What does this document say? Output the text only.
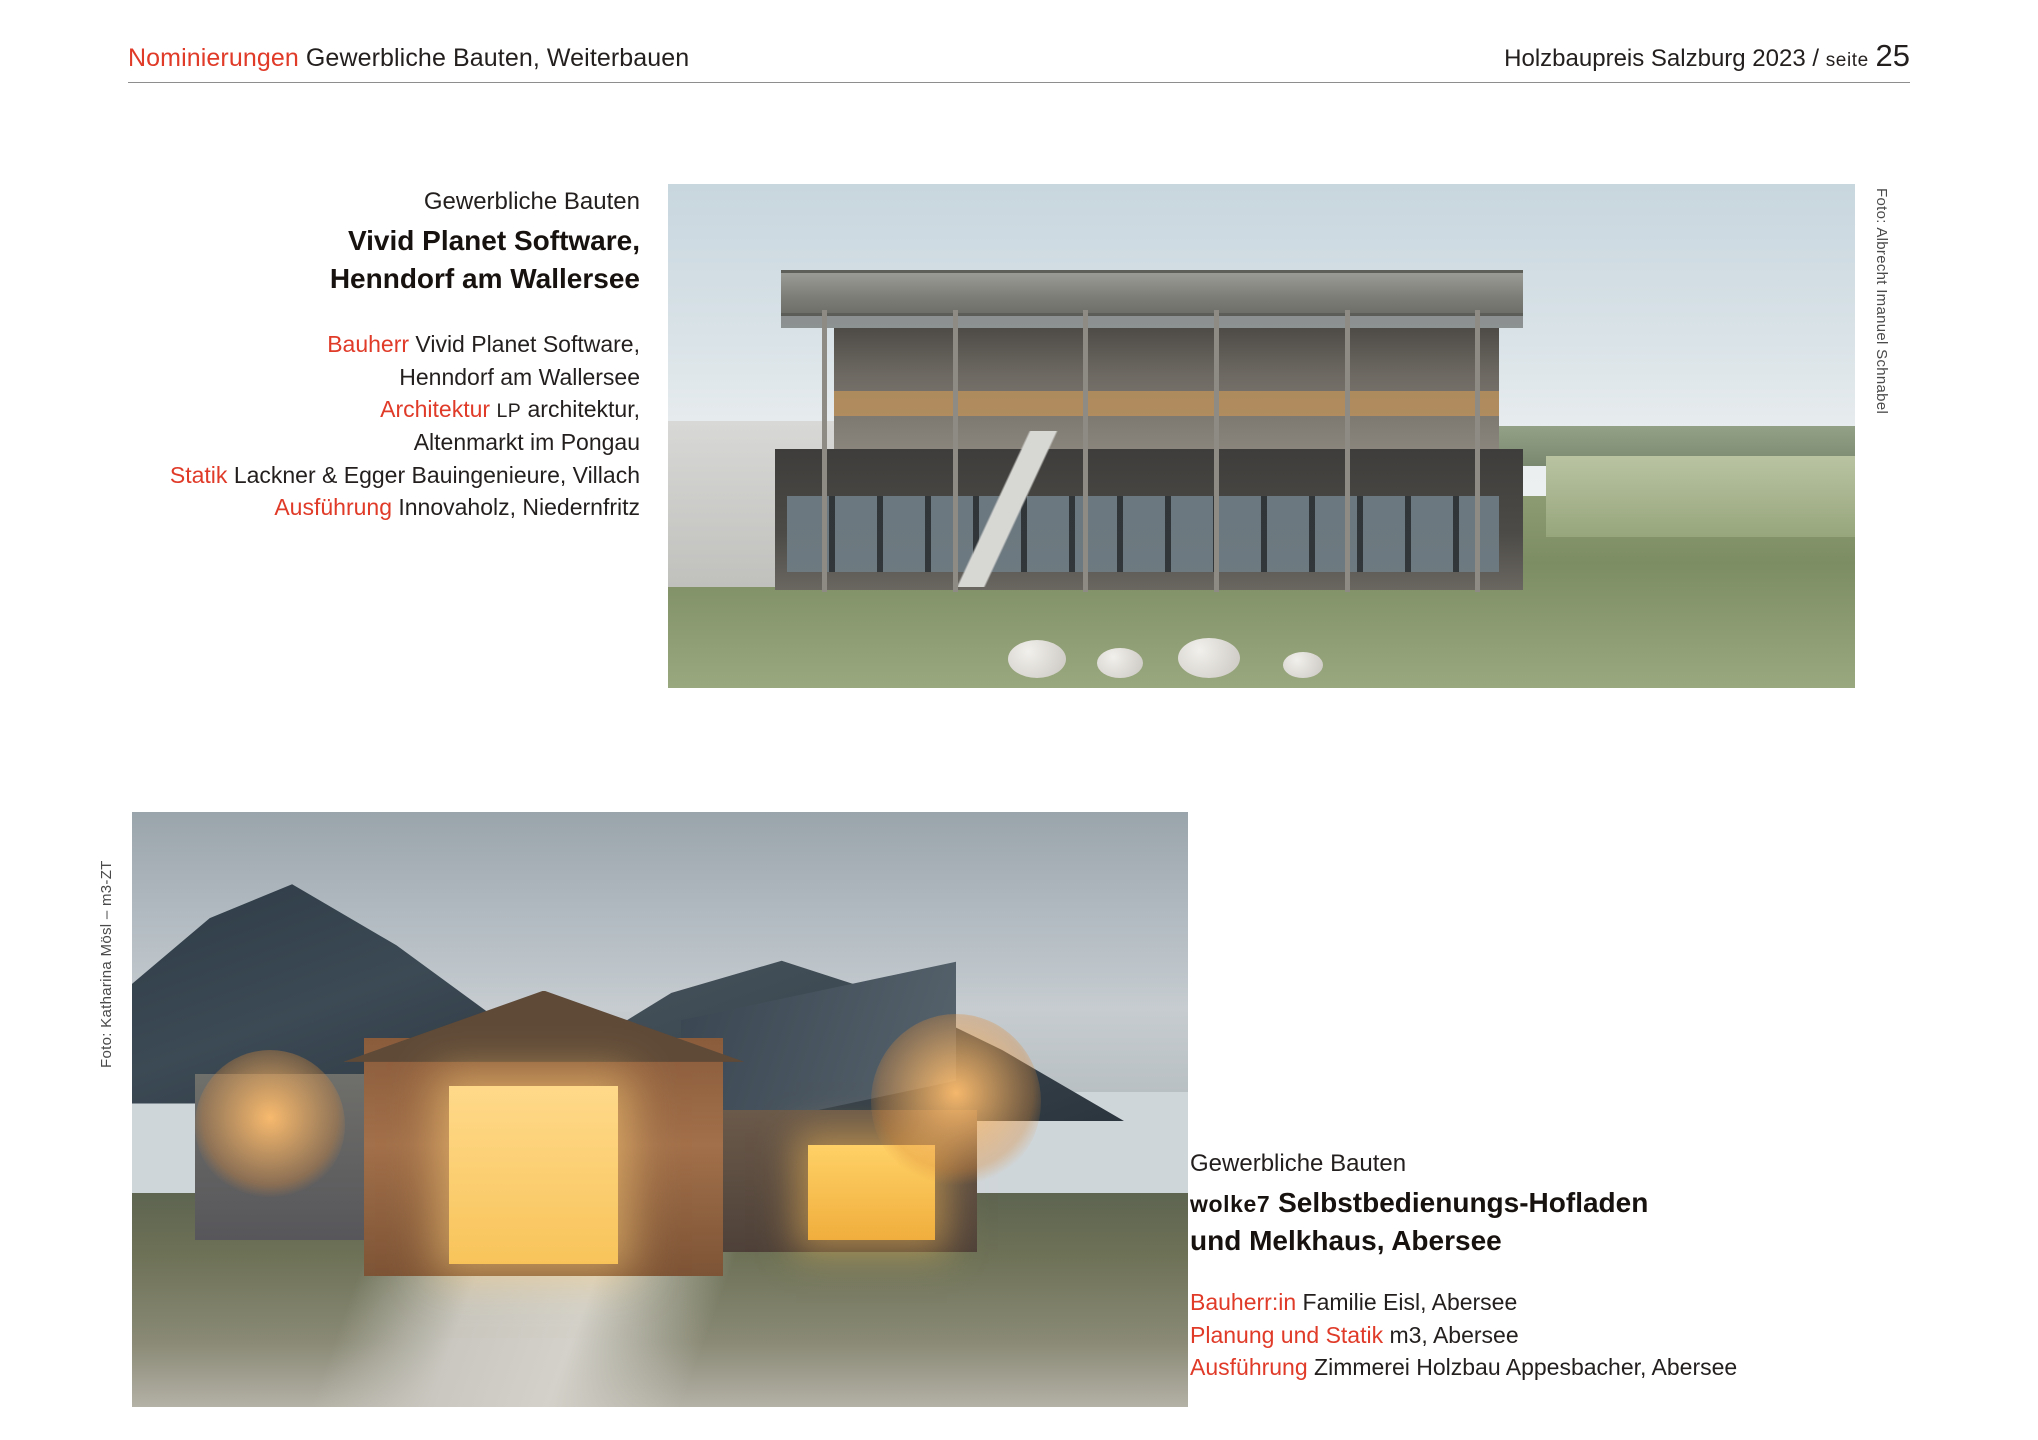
Nominierungen Gewerbliche Bauten, Weiterbauen	Holzbaupreis Salzburg 2023 / seite 25
Gewerbliche Bauten
Vivid Planet Software,
Henndorf am Wallersee
Bauherr Vivid Planet Software,
Henndorf am Wallersee
Architektur LP architektur,
Altenmarkt im Pongau
Statik Lackner & Egger Bauingenieure, Villach
Ausführung Innovaholz, Niedernfritz
Foto: Albrecht Imanuel Schnabel
Foto: Katharina Mösl – m3-ZT
Gewerbliche Bauten
wolke7 Selbstbedienungs-Hofladen
und Melkhaus, Abersee
Bauherr:in Familie Eisl, Abersee
Planung und Statik m3, Abersee
Ausführung Zimmerei Holzbau Appesbacher, Abersee
